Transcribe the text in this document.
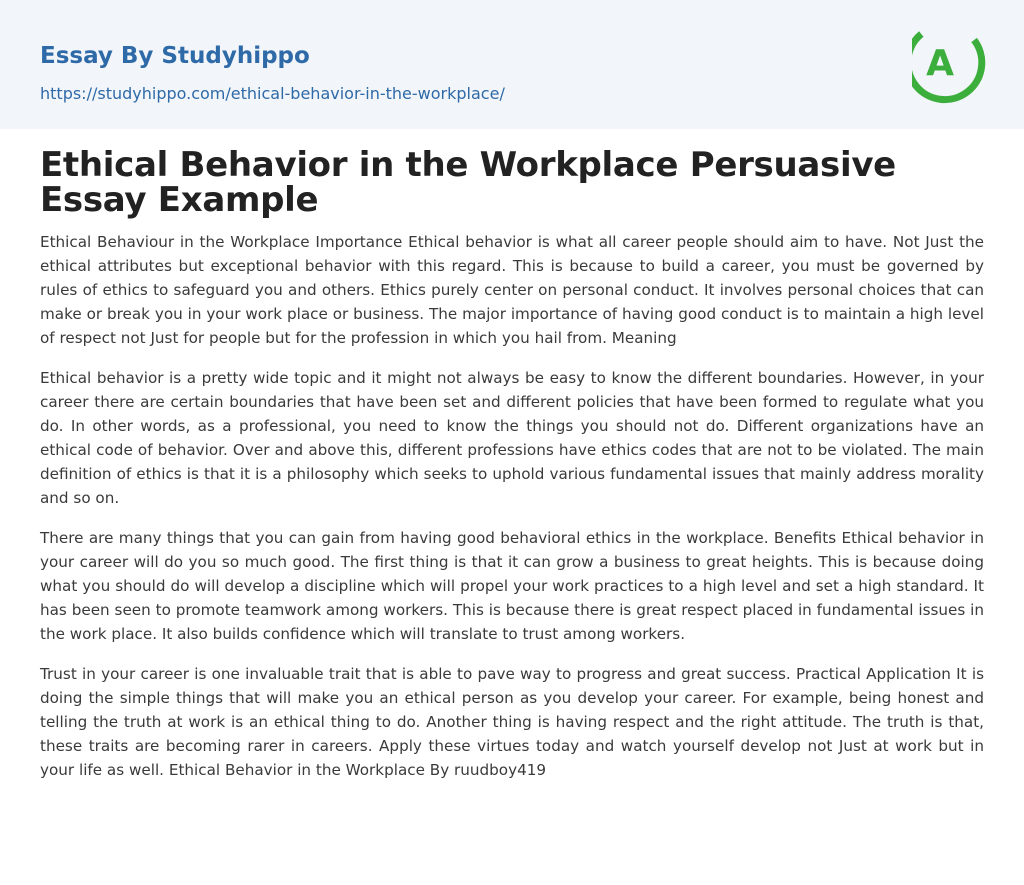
Essay By Studyhippo
https://studyhippo.com/ethical-behavior-in-the-workplace/
A
Ethical Behavior in the Workplace Persuasive Essay Example

Ethical Behaviour in the Workplace Importance Ethical behavior is what all career people should aim to have. Not Just the ethical attributes but exceptional behavior with this regard. This is because to build a career, you must be governed by rules of ethics to safeguard you and others. Ethics purely center on personal conduct. It involves personal choices that can make or break you in your work place or business. The major importance of having good conduct is to maintain a high level of respect not Just for people but for the profession in which you hail from. Meaning

Ethical behavior is a pretty wide topic and it might not always be easy to know the different boundaries. However, in your career there are certain boundaries that have been set and different policies that have been formed to regulate what you do. In other words, as a professional, you need to know the things you should not do. Different organizations have an ethical code of behavior. Over and above this, different professions have ethics codes that are not to be violated. The main definition of ethics is that it is a philosophy which seeks to uphold various fundamental issues that mainly address morality and so on.

There are many things that you can gain from having good behavioral ethics in the workplace. Benefits Ethical behavior in your career will do you so much good. The first thing is that it can grow a business to great heights. This is because doing what you should do will develop a discipline which will propel your work practices to a high level and set a high standard. It has been seen to promote teamwork among workers. This is because there is great respect placed in fundamental issues in the work place. It also builds confidence which will translate to trust among workers.

Trust in your career is one invaluable trait that is able to pave way to progress and great success. Practical Application It is doing the simple things that will make you an ethical person as you develop your career. For example, being honest and telling the truth at work is an ethical thing to do. Another thing is having respect and the right attitude. The truth is that, these traits are becoming rarer in careers. Apply these virtues today and watch yourself develop not Just at work but in your life as well. Ethical Behavior in the Workplace By ruudboy419
